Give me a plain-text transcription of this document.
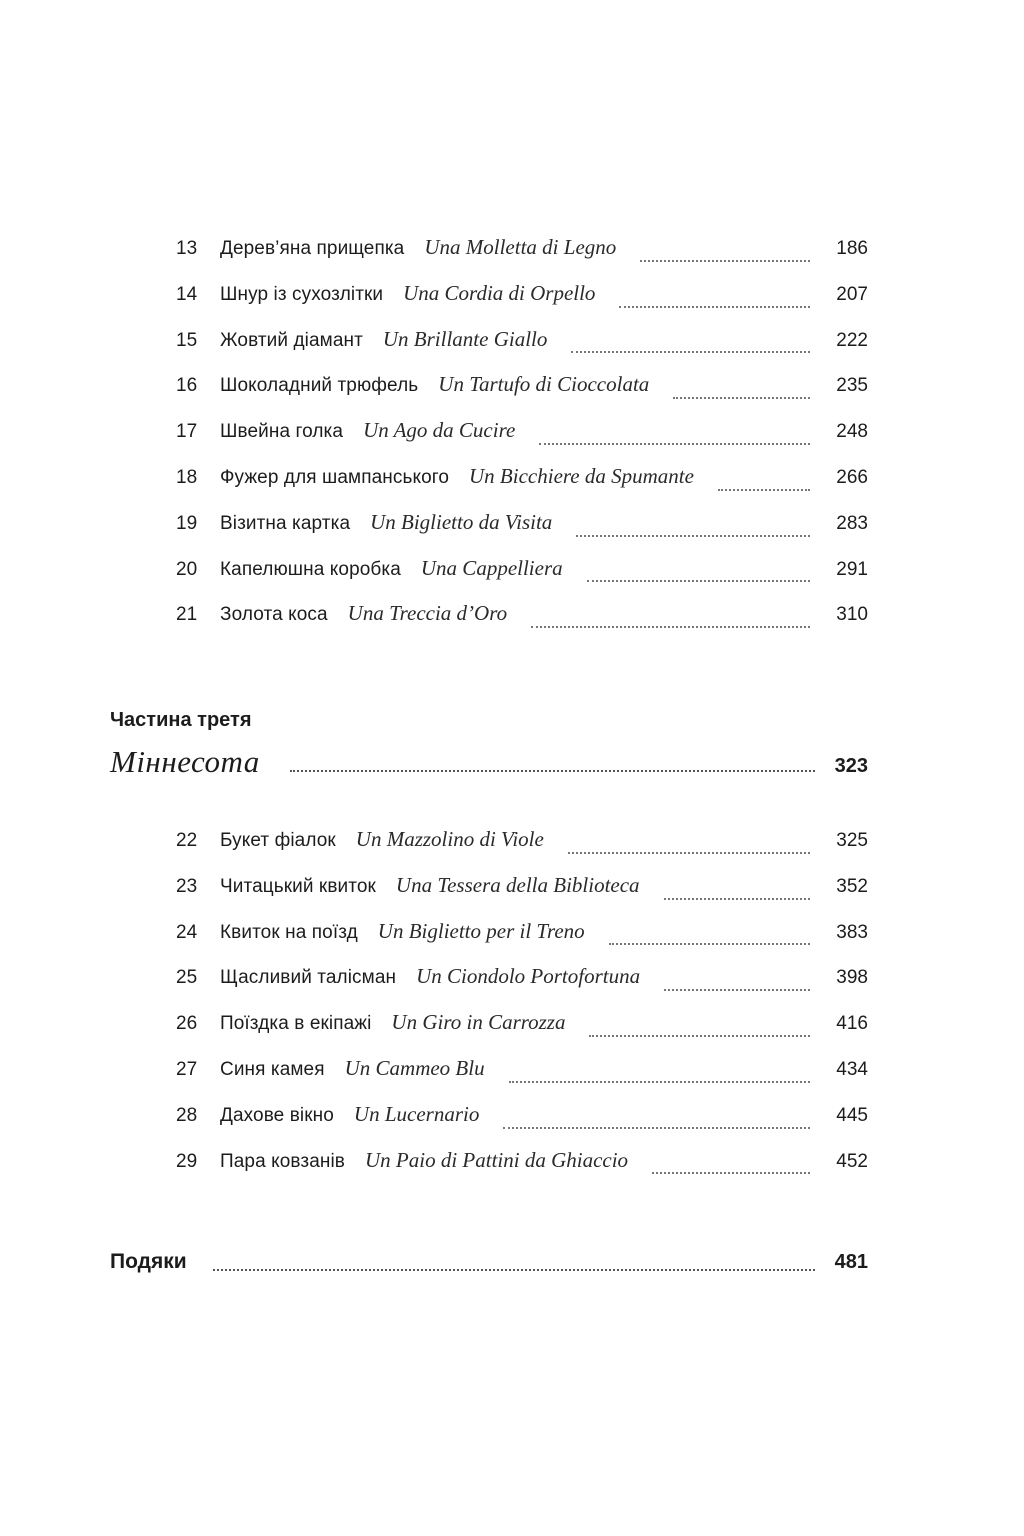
13	Дерев’яна прищепка Una Molletta di Legno	186
14	Шнур із сухозлітки Una Cordia di Orpello	207
15	Жовтий діамант Un Brillante Giallo	222
16	Шоколадний трюфель Un Tartufo di Cioccolata	235
17	Швейна голка Un Ago da Cucire	248
18	Фужер для шампанського Un Bicchiere da Spumante	266
19	Візитна картка Un Biglietto da Visita	283
20	Капелюшна коробка Una Cappelliera	291
21	Золота коса Una Treccia d’Oro	310
Частина третя
Міннесота	323
22	Букет фіалок Un Mazzolino di Viole	325
23	Читацький квиток Una Tessera della Biblioteca	352
24	Квиток на поїзд Un Biglietto per il Treno	383
25	Щасливий талісман Un Ciondolo Portofortuna	398
26	Поїздка в екіпажі Un Giro in Carrozza	416
27	Синя камея Un Cammeo Blu	434
28	Дахове вікно Un Lucernario	445
29	Пара ковзанів Un Paio di Pattini da Ghiaccio	452
Подяки	481
